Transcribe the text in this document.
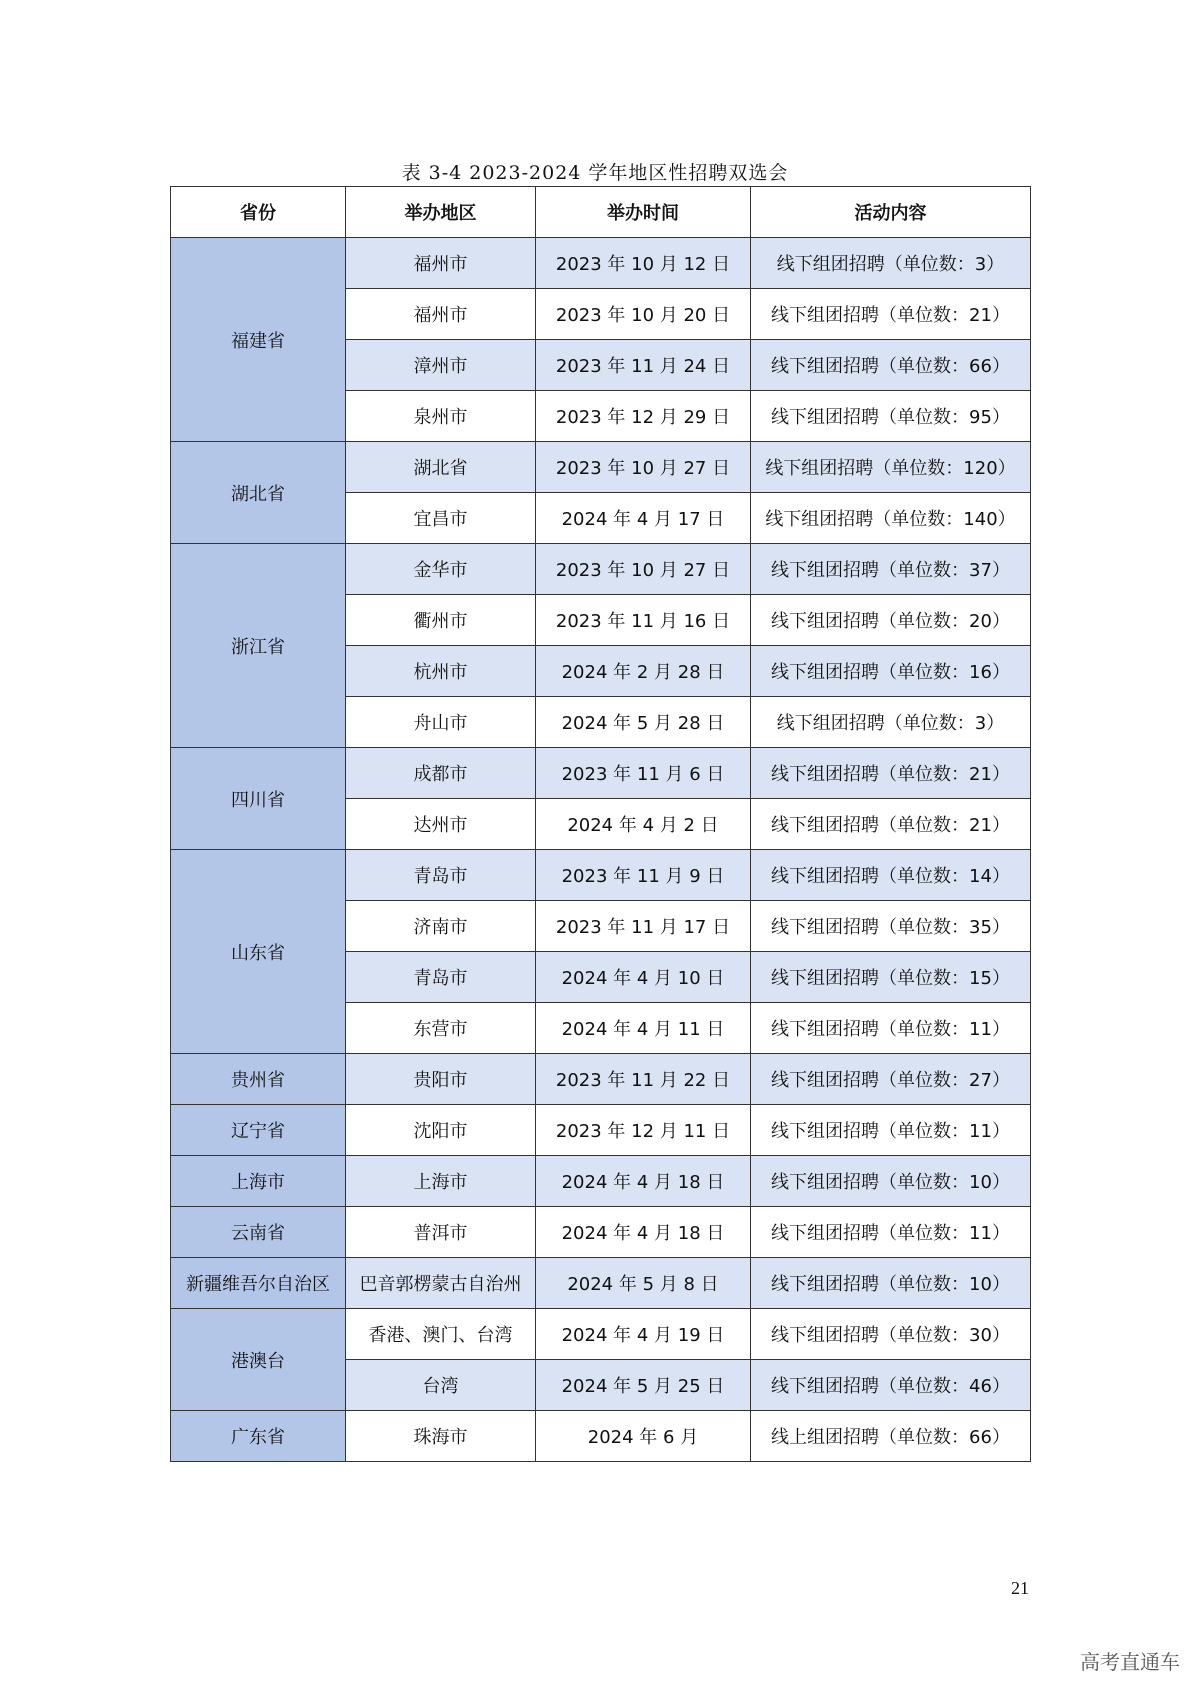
表 3-4 2023-2024 学年地区性招聘双选会
省份	举办地区	举办时间	活动内容
福建省	福州市	2023 年 10 月 12 日	线下组团招聘（单位数：3）
	福州市	2023 年 10 月 20 日	线下组团招聘（单位数：21）
	漳州市	2023 年 11 月 24 日	线下组团招聘（单位数：66）
	泉州市	2023 年 12 月 29 日	线下组团招聘（单位数：95）
湖北省	湖北省	2023 年 10 月 27 日	线下组团招聘（单位数：120）
	宜昌市	2024 年 4 月 17 日	线下组团招聘（单位数：140）
浙江省	金华市	2023 年 10 月 27 日	线下组团招聘（单位数：37）
	衢州市	2023 年 11 月 16 日	线下组团招聘（单位数：20）
	杭州市	2024 年 2 月 28 日	线下组团招聘（单位数：16）
	舟山市	2024 年 5 月 28 日	线下组团招聘（单位数：3）
四川省	成都市	2023 年 11 月 6 日	线下组团招聘（单位数：21）
	达州市	2024 年 4 月 2 日	线下组团招聘（单位数：21）
山东省	青岛市	2023 年 11 月 9 日	线下组团招聘（单位数：14）
	济南市	2023 年 11 月 17 日	线下组团招聘（单位数：35）
	青岛市	2024 年 4 月 10 日	线下组团招聘（单位数：15）
	东营市	2024 年 4 月 11 日	线下组团招聘（单位数：11）
贵州省	贵阳市	2023 年 11 月 22 日	线下组团招聘（单位数：27）
辽宁省	沈阳市	2023 年 12 月 11 日	线下组团招聘（单位数：11）
上海市	上海市	2024 年 4 月 18 日	线下组团招聘（单位数：10）
云南省	普洱市	2024 年 4 月 18 日	线下组团招聘（单位数：11）
新疆维吾尔自治区	巴音郭楞蒙古自治州	2024 年 5 月 8 日	线下组团招聘（单位数：10）
港澳台	香港、澳门、台湾	2024 年 4 月 19 日	线下组团招聘（单位数：30）
	台湾	2024 年 5 月 25 日	线下组团招聘（单位数：46）
广东省	珠海市	2024 年 6 月	线上组团招聘（单位数：66）
21
高考直通车
